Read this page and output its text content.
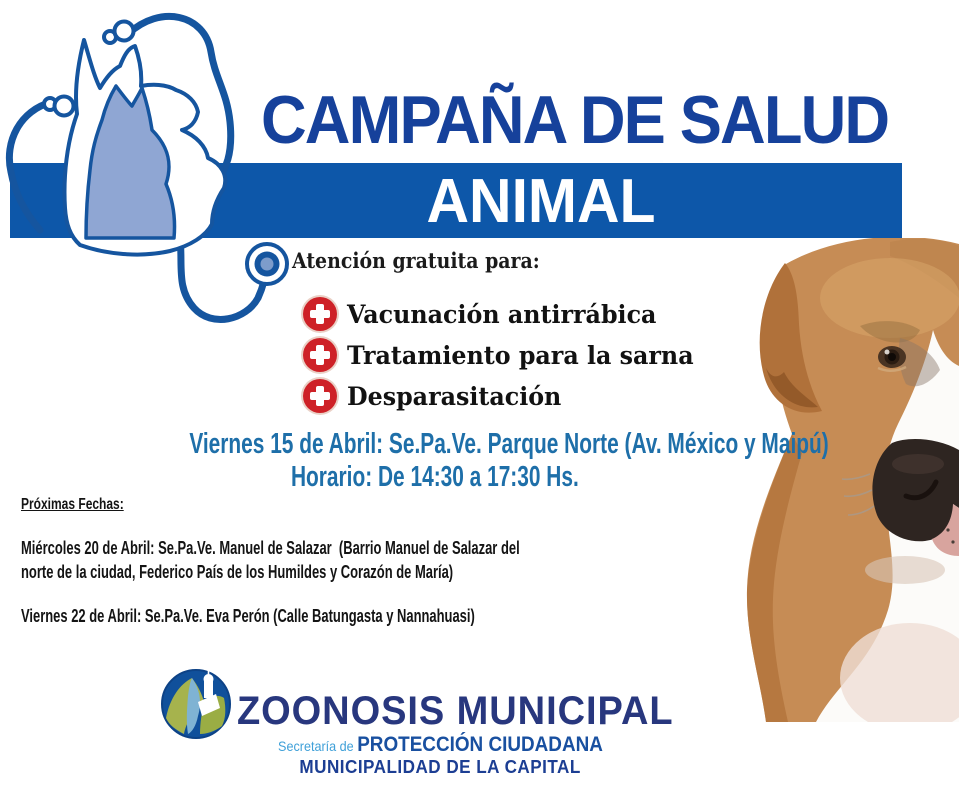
CAMPAÑA DE SALUD
ANIMAL
Atención gratuita para:
Vacunación antirrábica
Tratamiento para la sarna
Desparasitación
Viernes 15 de Abril: Se.Pa.Ve. Parque Norte (Av. México y Maipú)
Horario: De 14:30 a 17:30 Hs.
Próximas Fechas:
Miércoles 20 de Abril: Se.Pa.Ve. Manuel de Salazar  (Barrio Manuel de Salazar del
norte de la ciudad, Federico País de los Humildes y Corazón de María)
Viernes 22 de Abril: Se.Pa.Ve. Eva Perón (Calle Batungasta y Nannahuasi)
ZOONOSIS MUNICIPAL
Secretaría de PROTECCIÓN CIUDADANA
MUNICIPALIDAD DE LA CAPITAL
